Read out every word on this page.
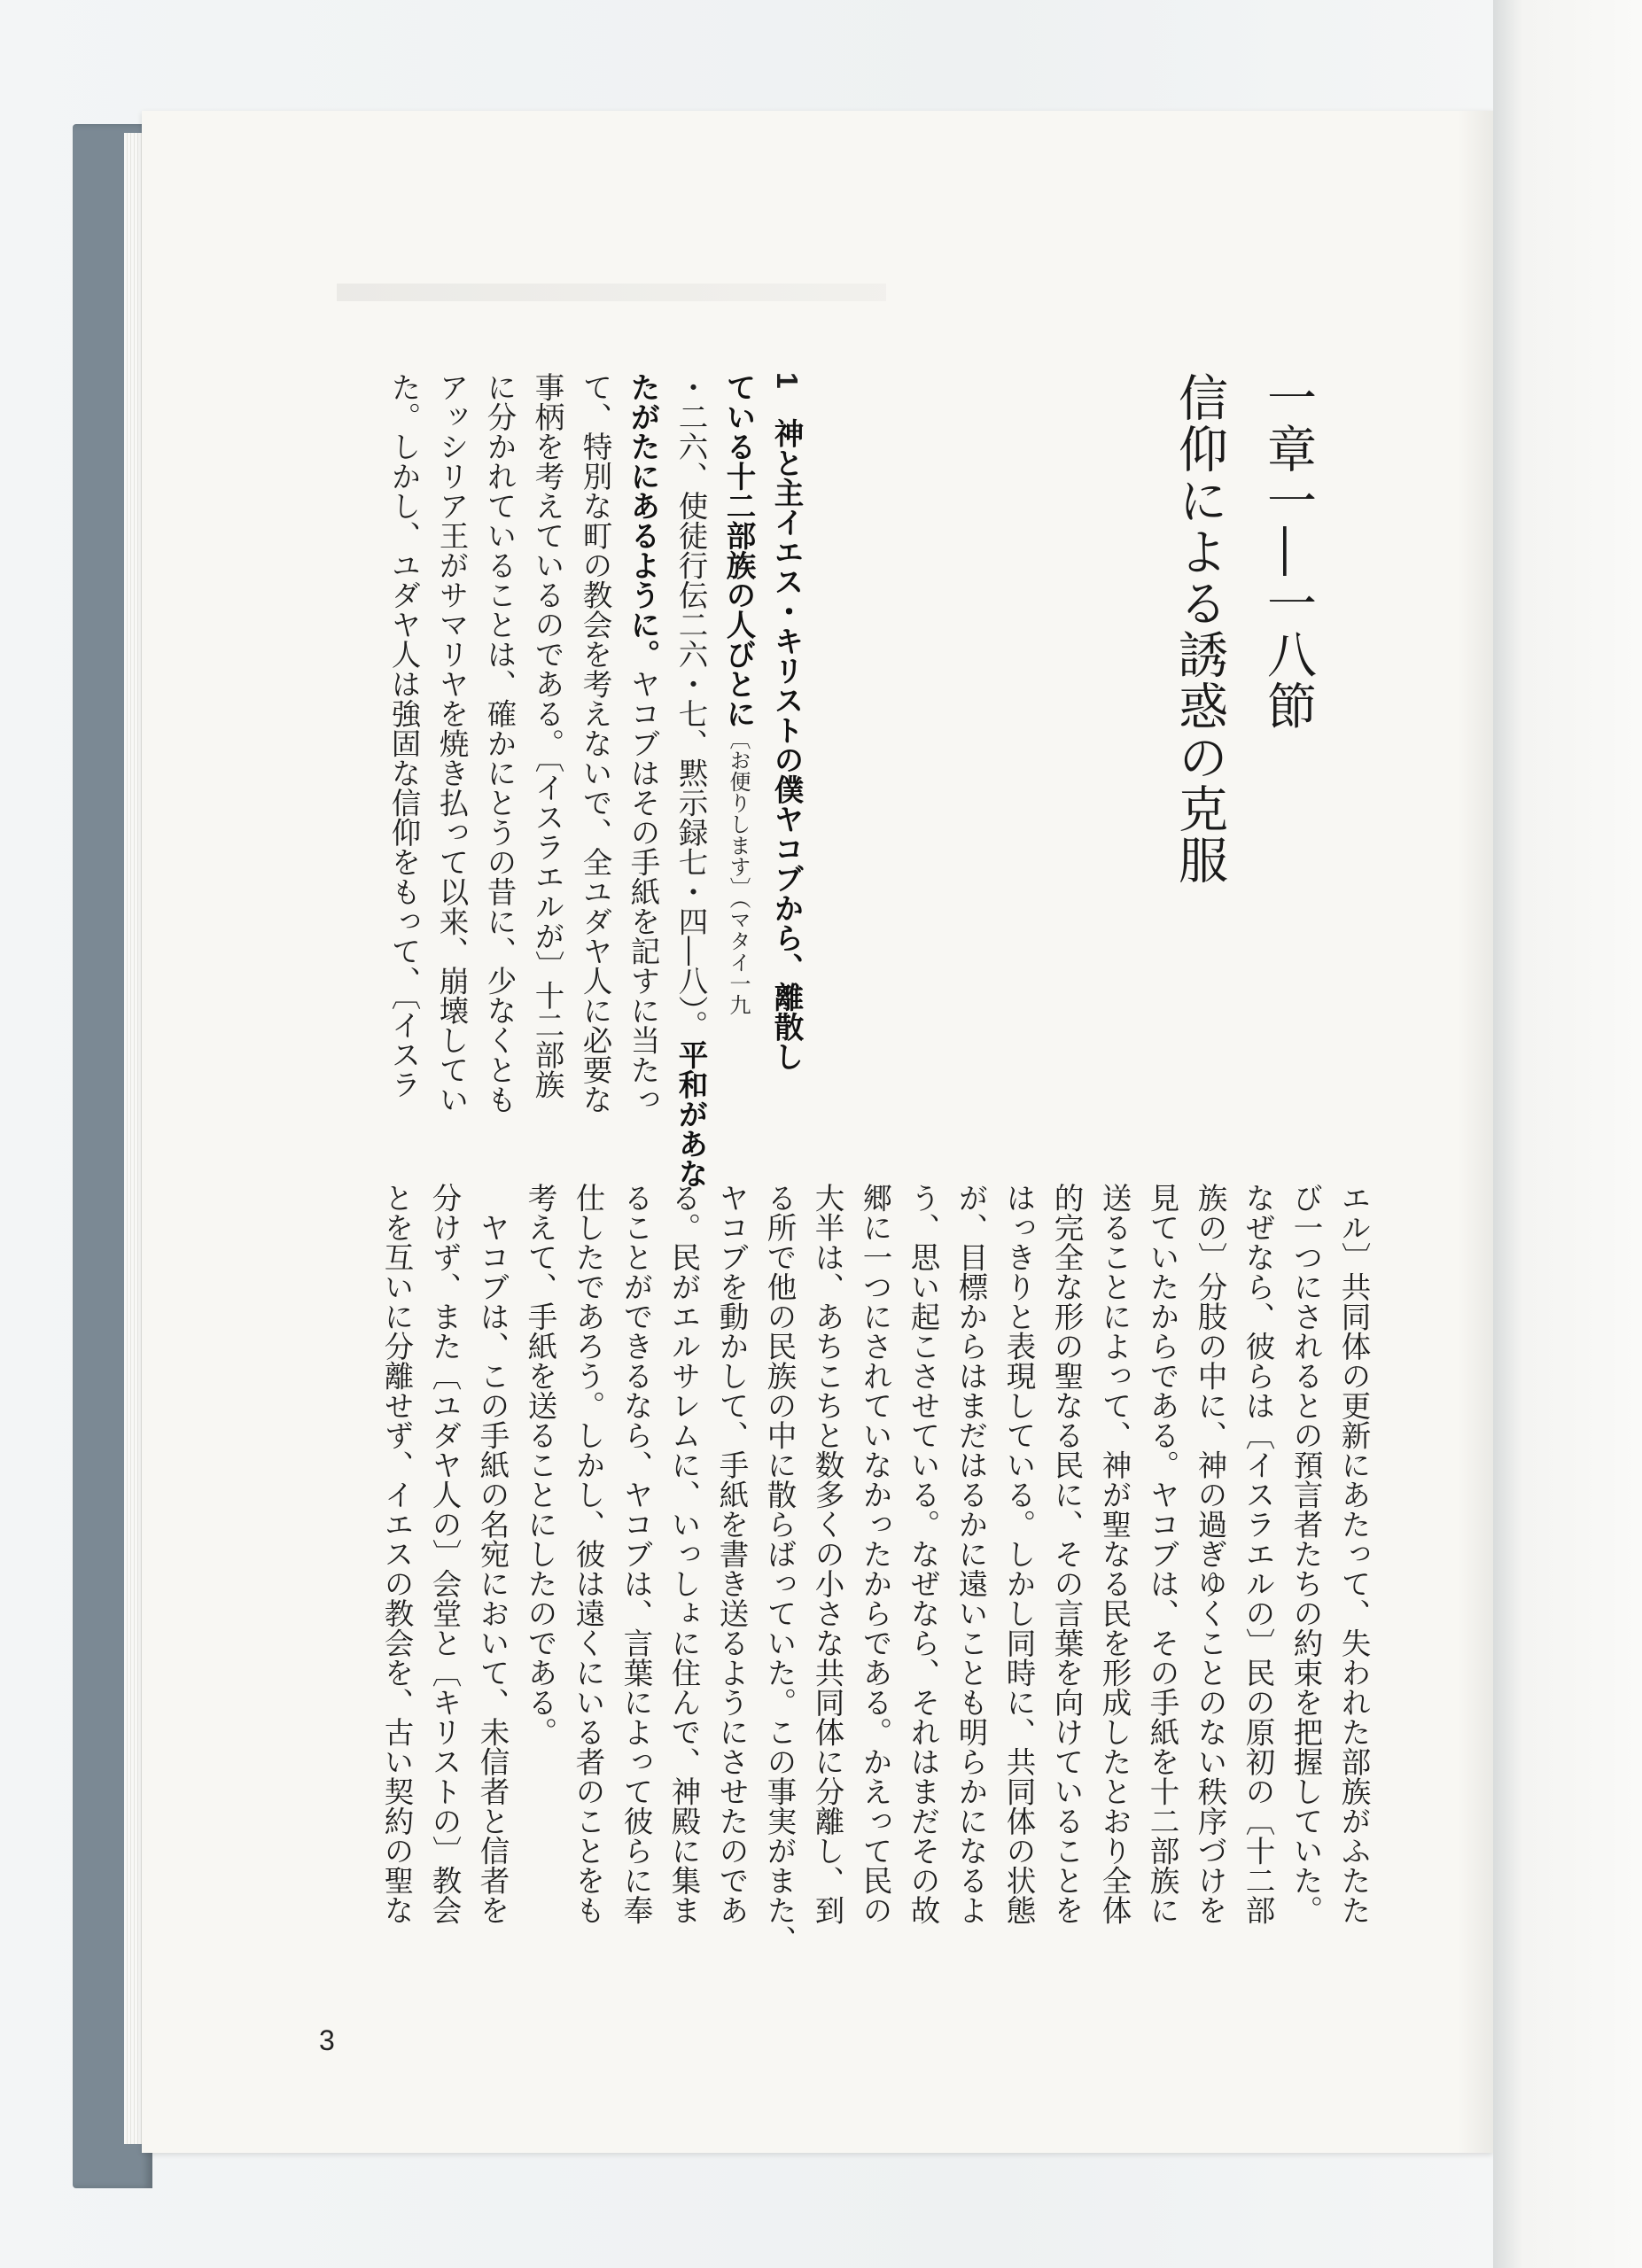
一章一―一八節

信仰による誘惑の克服

1　神と主イエス・キリストの僕ヤコブから、離散し

ている十二部族の人びとに〔お便りします〕（マタイ一九

・二六、使徒行伝二六・七、黙示録七・四―八）。平和があな

たがたにあるように。ヤコブはその手紙を記すに当たっ

て、特別な町の教会を考えないで、全ユダヤ人に必要な

事柄を考えているのである。〔イスラエルが〕十二部族

に分かれていることは、確かにとうの昔に、少なくとも

アッシリア王がサマリヤを焼き払って以来、崩壊してい

た。しかし、ユダヤ人は強固な信仰をもって、〔イスラ

エル〕共同体の更新にあたって、失われた部族がふたた

び一つにされるとの預言者たちの約束を把握していた。

なぜなら、彼らは〔イスラエルの〕民の原初の〔十二部

族の〕分肢の中に、神の過ぎゆくことのない秩序づけを

見ていたからである。ヤコブは、その手紙を十二部族に

送ることによって、神が聖なる民を形成したとおり全体

的完全な形の聖なる民に、その言葉を向けていることを

はっきりと表現している。しかし同時に、共同体の状態

が、目標からはまだはるかに遠いことも明らかになるよ

う、思い起こさせている。なぜなら、それはまだその故

郷に一つにされていなかったからである。かえって民の

大半は、あちこちと数多くの小さな共同体に分離し、到

る所で他の民族の中に散らばっていた。この事実がまた、

ヤコブを動かして、手紙を書き送るようにさせたのであ

る。民がエルサレムに、いっしょに住んで、神殿に集ま

ることができるなら、ヤコブは、言葉によって彼らに奉

仕したであろう。しかし、彼は遠くにいる者のことをも

考えて、手紙を送ることにしたのである。

　ヤコブは、この手紙の名宛において、未信者と信者を

分けず、また〔ユダヤ人の〕会堂と〔キリストの〕教会

とを互いに分離せず、イエスの教会を、古い契約の聖な

3
